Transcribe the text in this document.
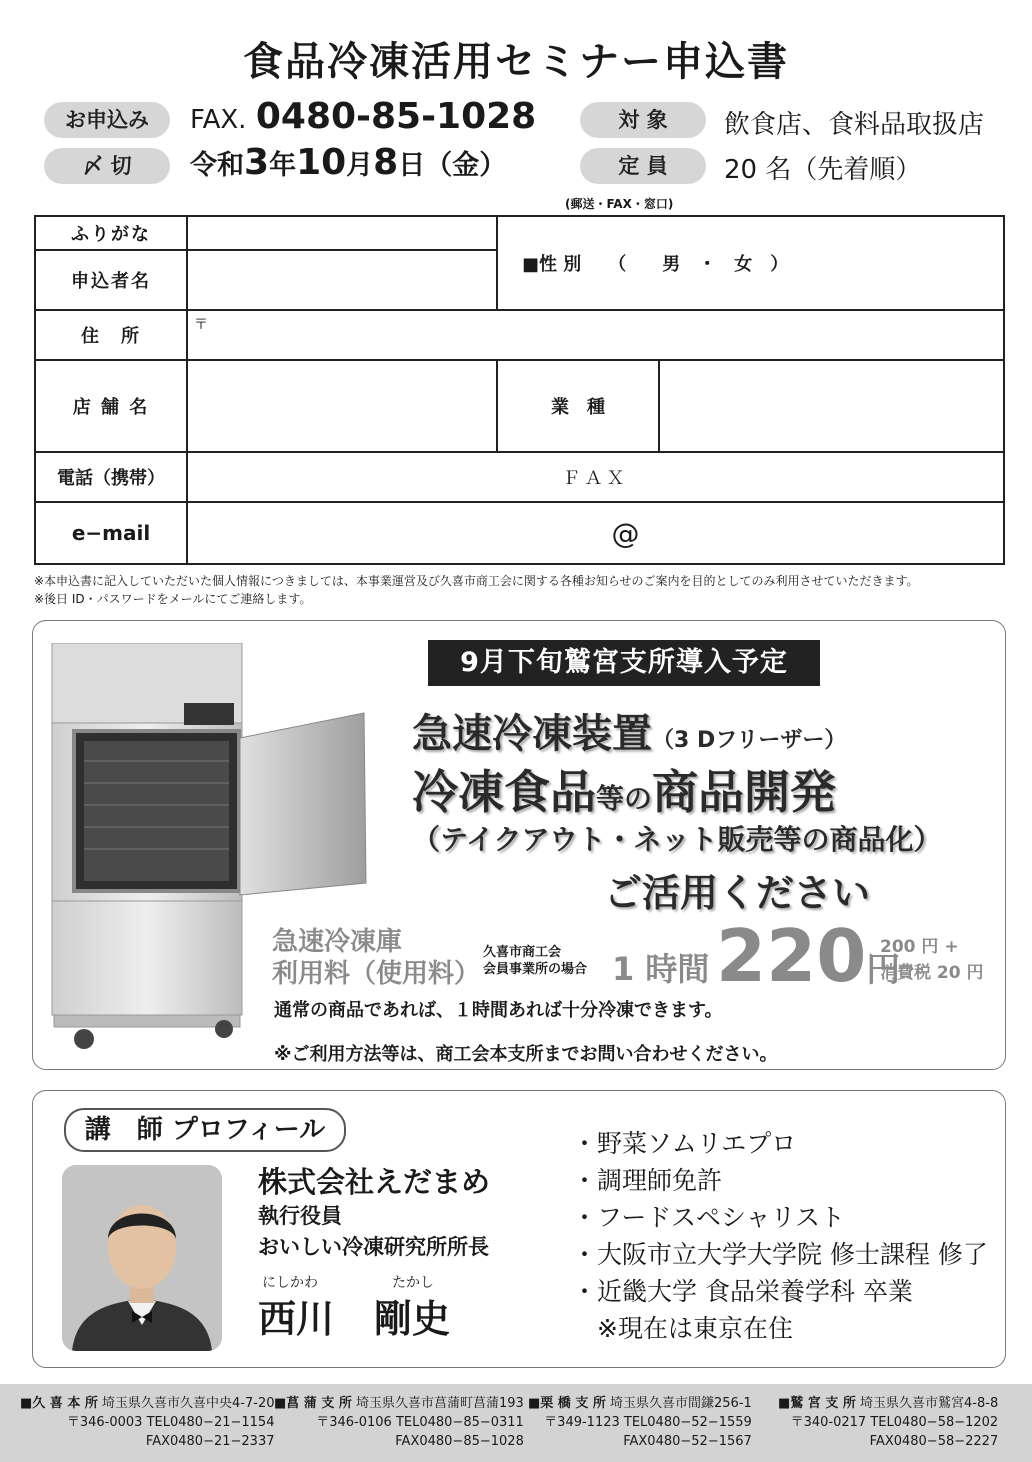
食品冷凍活用セミナー申込書
お申込み	FAX. 0480-85-1028
〆 切	令和3年10月8日（金）
(郵送・FAX・窓口)
対 象	飲食店、食料品取扱店
定 員	20 名（先着順）
ふりがな		■性 別　　（　　男　・　女　）	
申込者名			
住　所	〒		
店 舗 名		業　種	
電話（携帯）	ＦＡＸ		
e−mail	@		
※本申込書に記入していただいた個人情報につきましては、本事業運営及び久喜市商工会に関する各種お知らせのご案内を目的としてのみ利用させていただきます。
※後日 ID・パスワードをメールにてご連絡します。
9月下旬鷲宮支所導入予定
急速冷凍装置（3 Dフリーザー）
冷凍食品等の商品開発
（テイクアウト・ネット販売等の商品化）
ご活用ください
急速冷凍庫
利用料（使用料）
久喜市商工会
会員事業所の場合 1 時間 220円
200 円 +
消費税 20 円
通常の商品であれば、１時間あれば十分冷凍できます。
※ご利用方法等は、商工会本支所までお問い合わせください。
講　師 プロフィール
株式会社えだまめ
執行役員
おいしい冷凍研究所所長
にしかわ	たかし
西川 剛史
・野菜ソムリエプロ
・調理師免許
・フードスペシャリスト
・大阪市立大学大学院 修士課程 修了
・近畿大学 食品栄養学科 卒業
　※現在は東京在住
■久 喜 本 所 埼玉県久喜市久喜中央4-7-20
〒346-0003 TEL0480−21−1154
FAX0480−21−2337
■菖 蒲 支 所 埼玉県久喜市菖蒲町菖蒲193
〒346-0106 TEL0480−85−0311
FAX0480−85−1028
■栗 橋 支 所 埼玉県久喜市間鎌256-1
〒349-1123 TEL0480−52−1559
FAX0480−52−1567
■鷲 宮 支 所 埼玉県久喜市鷲宮4-8-8
〒340-0217 TEL0480−58−1202
FAX0480−58−2227
